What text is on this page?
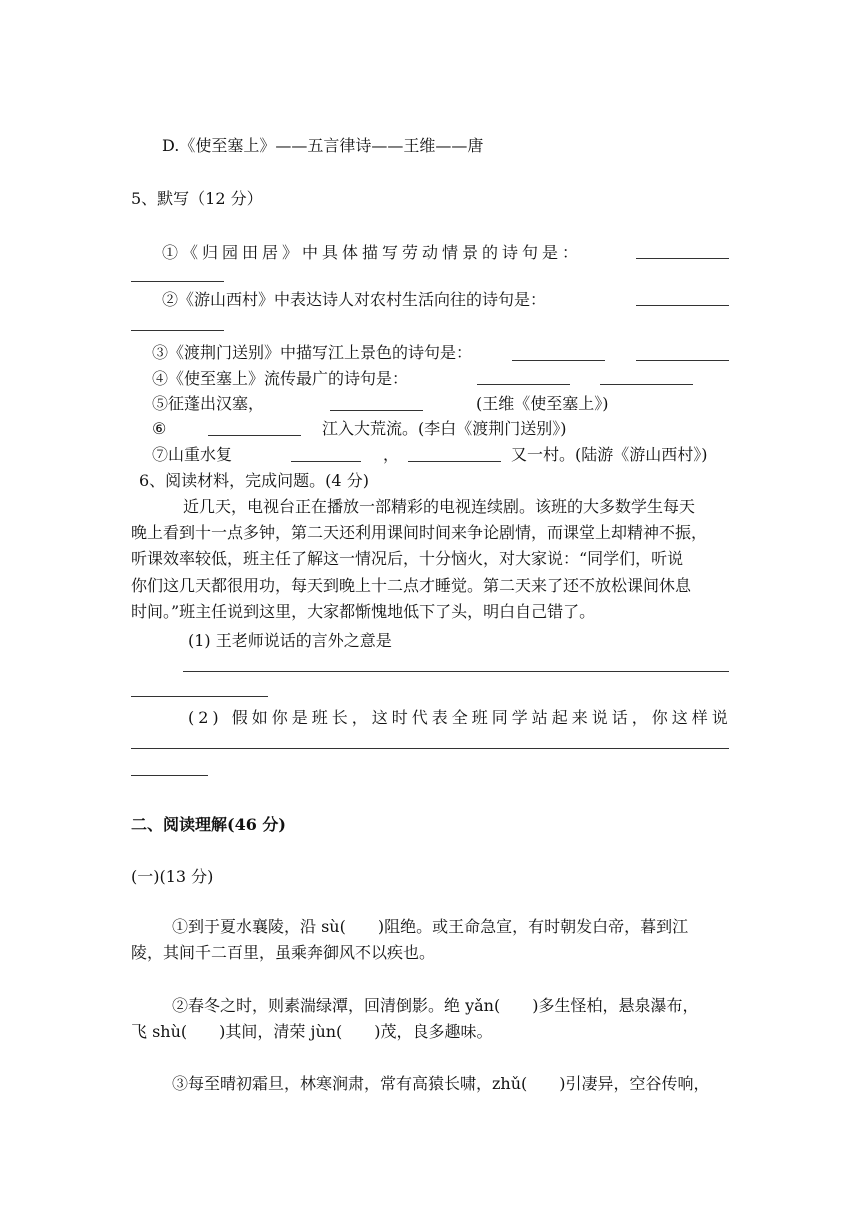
D.《使至塞上》——五言律诗——王维——唐
5、默写（12 分）
①《归园田居》中具体描写劳动情景的诗句是：
②《游山西村》中表达诗人对农村生活向往的诗句是：
③《渡荆门送别》中描写江上景色的诗句是：
④《使至塞上》流传最广的诗句是：
⑤征蓬出汉塞，	(王维《使至塞上》)
⑥	江入大荒流。(李白《渡荆门送别》)
⑦山重水复	，	又一村。(陆游《游山西村》)
6、阅读材料，完成问题。(4 分)
近几天，电视台正在播放一部精彩的电视连续剧。该班的大多数学生每天
晚上看到十一点多钟，第二天还利用课间时间来争论剧情，而课堂上却精神不振，
听课效率较低，班主任了解这一情况后，十分恼火，对大家说：“同学们，听说
你们这几天都很用功，每天到晚上十二点才睡觉。第二天来了还不放松课间休息
时间。”班主任说到这里，大家都惭愧地低下了头，明白自己错了。
(1) 王老师说话的言外之意是
(2) 假如你是班长，这时代表全班同学站起来说话，你这样说
二、阅读理解(46 分)
(一)(13 分)
①到于夏水襄陵，沿 sù(　　)阻绝。或王命急宣，有时朝发白帝，暮到江
陵，其间千二百里，虽乘奔御风不以疾也。
②春冬之时，则素湍绿潭，回清倒影。绝 yǎn(　　)多生怪柏，悬泉瀑布，
飞 shù(　　)其间，清荣 jùn(　　)茂，良多趣味。
③每至晴初霜旦，林寒涧肃，常有高猿长啸，zhǔ(　　)引凄异，空谷传响，
